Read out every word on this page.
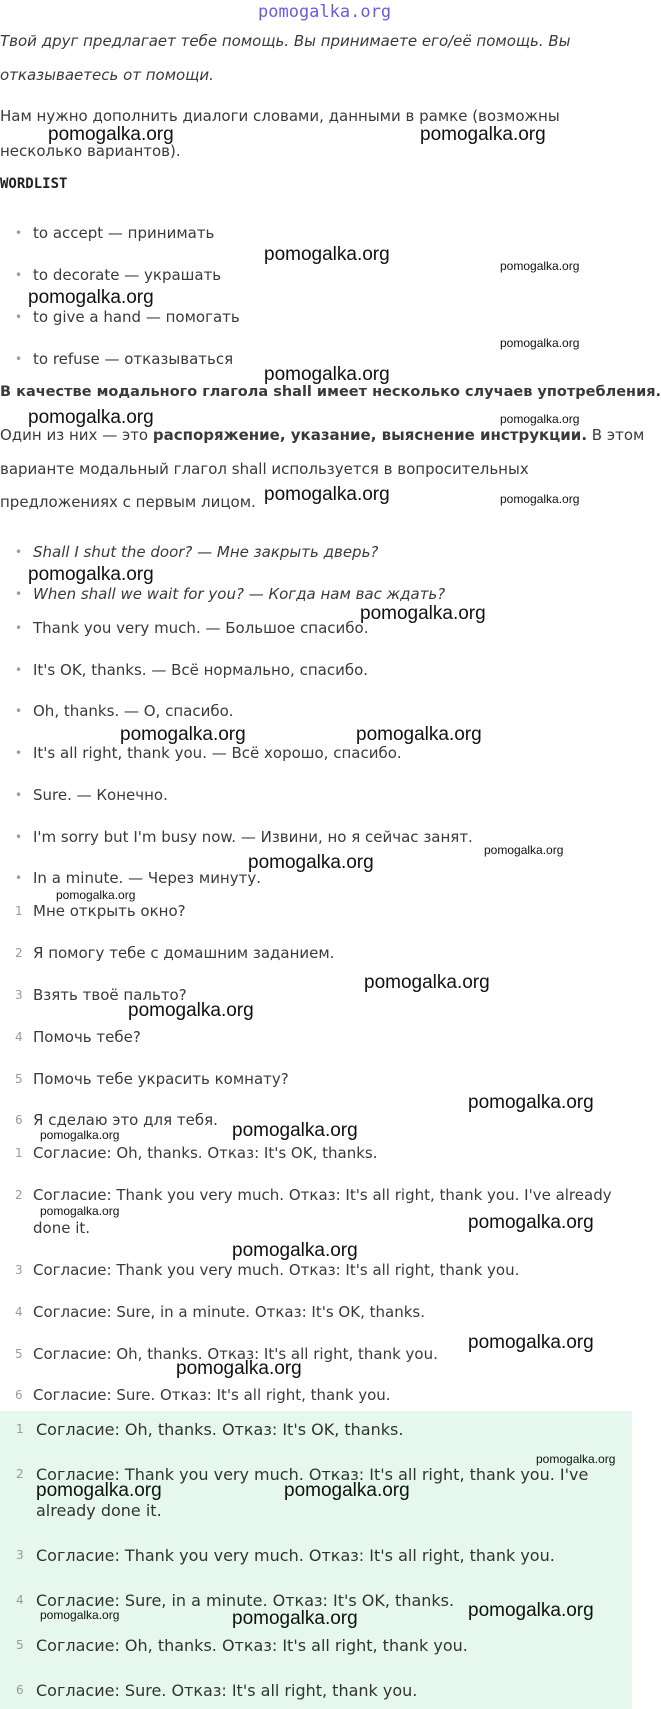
pomogalka.org
Твой друг предлагает тебе помощь. Вы принимаете его/её помощь. Вы
отказываетесь от помощи.
Нам нужно дополнить диалоги словами, данными в рамке (возможны
несколько вариантов).
WORDLIST
• to accept — принимать
• to decorate — украшать
• to give a hand — помогать
• to refuse — отказываться
В качестве модального глагола shall имеет несколько случаев употребления.
Один из них — это распоряжение, указание, выяснение инструкции. В этом
варианте модальный глагол shall используется в вопросительных
предложениях с первым лицом.
• Shall I shut the door? — Мне закрыть дверь?
• When shall we wait for you? — Когда нам вас ждать?
• Thank you very much. — Большое спасибо.
• It's OK, thanks. — Всё нормально, спасибо.
• Oh, thanks. — О, спасибо.
• It's all right, thank you. — Всё хорошо, спасибо.
• Sure. — Конечно.
• I'm sorry but I'm busy now. — Извини, но я сейчас занят.
• In a minute. — Через минуту.
1 Мне открыть окно?
2 Я помогу тебе с домашним заданием.
3 Взять твоё пальто?
4 Помочь тебе?
5 Помочь тебе украсить комнату?
6 Я сделаю это для тебя.
1 Согласие: Oh, thanks. Отказ: It's OK, thanks.
2 Согласие: Thank you very much. Отказ: It's all right, thank you. I've already
done it.
3 Согласие: Thank you very much. Отказ: It's all right, thank you.
4 Согласие: Sure, in a minute. Отказ: It's OK, thanks.
5 Согласие: Oh, thanks. Отказ: It's all right, thank you.
6 Согласие: Sure. Отказ: It's all right, thank you.
1 Согласие: Oh, thanks. Отказ: It's OK, thanks.
2 Согласие: Thank you very much. Отказ: It's all right, thank you. I've
already done it.
3 Согласие: Thank you very much. Отказ: It's all right, thank you.
4 Согласие: Sure, in a minute. Отказ: It's OK, thanks.
5 Согласие: Oh, thanks. Отказ: It's all right, thank you.
6 Согласие: Sure. Отказ: It's all right, thank you.
pomogalka.org	pomogalka.org
pomogalka.org
pomogalka.org
pomogalka.org
pomogalka.org
pomogalka.org
pomogalka.org	pomogalka.org
pomogalka.org	pomogalka.org
pomogalka.org
pomogalka.org
pomogalka.org	pomogalka.org
pomogalka.org
pomogalka.org
pomogalka.org
pomogalka.org
pomogalka.org
pomogalka.org
pomogalka.org
pomogalka.org
pomogalka.org
pomogalka.org
pomogalka.org
pomogalka.org
pomogalka.org
pomogalka.org
pomogalka.org	pomogalka.org
pomogalka.org
pomogalka.org	pomogalka.org
